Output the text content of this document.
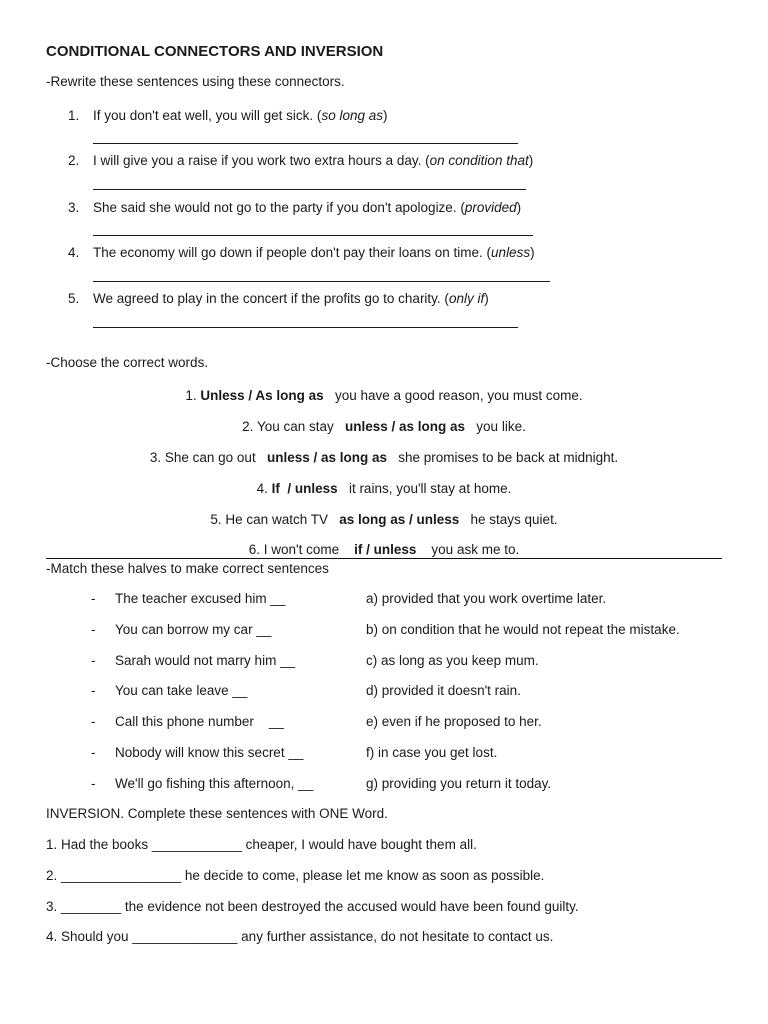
CONDITIONAL CONNECTORS AND INVERSION
-Rewrite these sentences using these connectors.
1. If you don't eat well, you will get sick. (so long as)
2. I will give you a raise if you work two extra hours a day. (on condition that)
3. She said she would not go to the party if you don't apologize. (provided)
4. The economy will go down if people don't pay their loans on time. (unless)
5. We agreed to play in the concert if the profits go to charity. (only if)
-Choose the correct words.
1. Unless / As long as   you have a good reason, you must come.
2. You can stay   unless / as long as   you like.
3. She can go out   unless / as long as   she promises to be back at midnight.
4. If  / unless   it rains, you'll stay at home.
5. He can watch TV   as long as / unless   he stays quiet.
6. I won't come    if / unless    you ask me to.
-Match these halves to make correct sentences
- The teacher excused him __	a) provided that you work overtime later.
- You can borrow my car __	b) on condition that he would not repeat the mistake.
- Sarah would not marry him __	c) as long as you keep mum.
- You can take leave __	d) provided it doesn't rain.
- Call this phone number    __	e) even if he proposed to her.
- Nobody will know this secret __	f) in case you get lost.
- We'll go fishing this afternoon, __	g) providing you return it today.
INVERSION. Complete these sentences with ONE Word.
1. Had the books ____________ cheaper, I would have bought them all.
2. ________________ he decide to come, please let me know as soon as possible.
3. ________ the evidence not been destroyed the accused would have been found guilty.
4. Should you ______________ any further assistance, do not hesitate to contact us.
